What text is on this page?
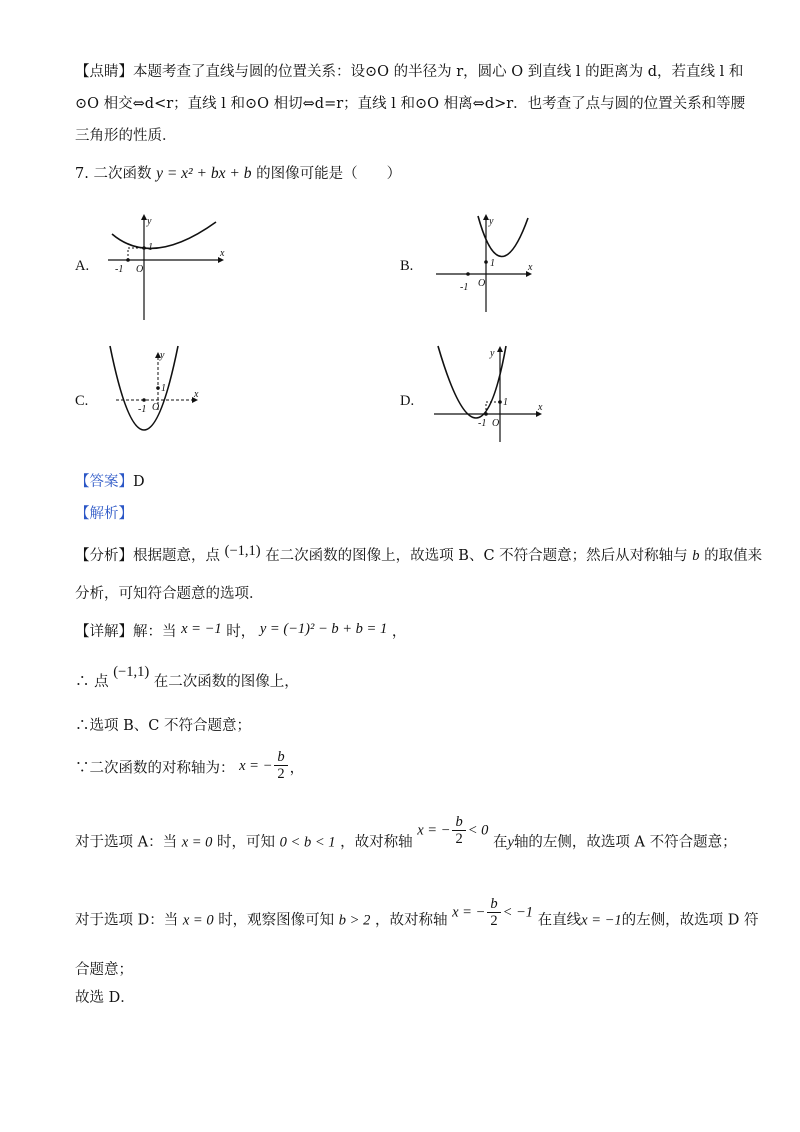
【点睛】本题考查了直线与圆的位置关系：设⊙O 的半径为 r，圆心 O 到直线 l 的距离为 d，若直线 l 和
⊙O 相交⇔d<r；直线 l 和⊙O 相切⇔d=r；直线 l 和⊙O 相离⇔d>r．也考查了点与圆的位置关系和等腰
三角形的性质．
7. 二次函数 y = x² + bx + b 的图像可能是（　　）
A.
y
x
1
-1 O	B.
y
x
1
-1 O
C.
y
x
1
-1 O	D.
y
x
1
-1 O
【答案】D
【解析】
【分析】根据题意，点 (−1,1) 在二次函数的图像上，故选项 B、C 不符合题意；然后从对称轴与 b 的取值来
分析，可知符合题意的选项．
【详解】解：当 x = −1 时， y = (−1)² − b + b = 1 ，
∴ 点 (−1,1) 在二次函数的图像上，
∴选项 B、C 不符合题意；
∵二次函数的对称轴为： x = − $\frac{b}{2}$ ，
对于选项 A：当 x = 0 时，可知 0 < b < 1 ，故对称轴 x = − $\frac{b}{2} < 0$ 在y轴的左侧，故选项 A 不符合题意；
对于选项 D：当 x = 0 时，观察图像可知 b > 2 ，故对称轴 x = − $\frac{b}{2} < -1$ 在直线x = −1的左侧，故选项 D 符
合题意；
故选 D．
